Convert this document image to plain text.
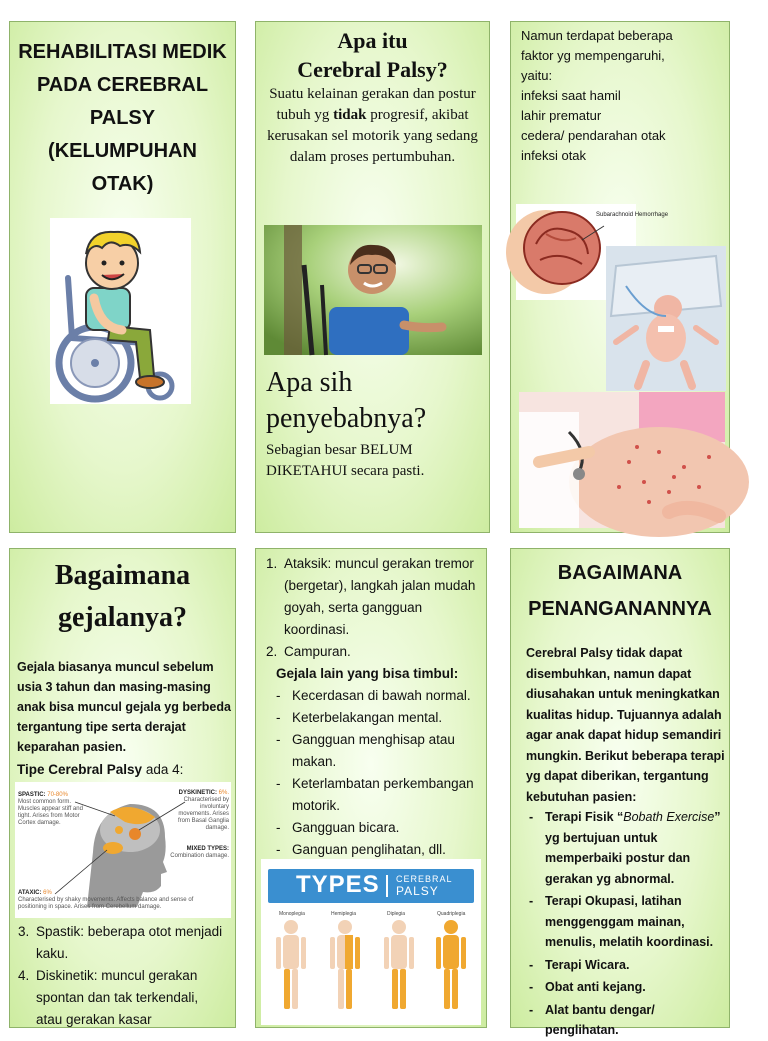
REHABILITASI MEDIK
PADA CEREBRAL
PALSY
(KELUMPUHAN
OTAK)
Apa itu
Cerebral Palsy?
Suatu kelainan gerakan dan postur tubuh yg tidak progresif, akibat kerusakan sel motorik yang sedang dalam proses pertumbuhan.
Apa sih
penyebabnya?
Sebagian besar BELUM DIKETAHUI secara pasti.
Namun terdapat beberapa
faktor yg mempengaruhi,
yaitu:
infeksi saat hamil
lahir prematur
cedera/ pendarahan otak
infeksi otak
Subarachnoid Hemorrhage
Bagaimana
gejalanya?
Gejala biasanya muncul sebelum usia 3 tahun dan masing-masing anak bisa muncul gejala yg berbeda tergantung tipe serta derajat keparahan pasien.
Tipe Cerebral Palsy ada 4:
SPASTIC: 70-80%
Most common form. Muscles appear stiff and tight. Arises from Motor Cortex damage.
DYSKINETIC: 6%.
Characterised by involuntary movements. Arises from Basal Ganglia damage.
MIXED TYPES:
Combination damage.
ATAXIC: 6%
Characterised by shaky movements. Affects balance and sense of positioning in space. Arises from Cerebellum damage.
3. Spastik: beberapa otot menjadi kaku.
4. Diskinetik: muncul gerakan spontan dan tak terkendali, atau gerakan kasar
1. Ataksik: muncul gerakan tremor (bergetar), langkah jalan mudah goyah, serta gangguan koordinasi.
2. Campuran.
Gejala lain yang bisa timbul:
- Kecerdasan di bawah normal.
- Keterbelakangan mental.
- Gangguan menghisap atau makan.
- Keterlambatan perkembangan motorik.
- Gangguan bicara.
- Ganguan penglihatan, dll.
TYPES CEREBRAL
PALSY
Monoplegia	Hemiplegia	Diplegia	Quadriplegia
BAGAIMANA
PENANGANANNYA
Cerebral Palsy tidak dapat disembuhkan, namun dapat diusahakan untuk meningkatkan kualitas hidup. Tujuannya adalah agar anak dapat hidup semandiri mungkin. Berikut beberapa terapi yg dapat diberikan, tergantung kebutuhan pasien:
- Terapi Fisik “Bobath Exercise” yg bertujuan untuk memperbaiki postur dan gerakan yg abnormal.
- Terapi Okupasi, latihan menggenggam mainan, menulis, melatih koordinasi.
- Terapi Wicara.
- Obat anti kejang.
- Alat bantu dengar/ penglihatan.
